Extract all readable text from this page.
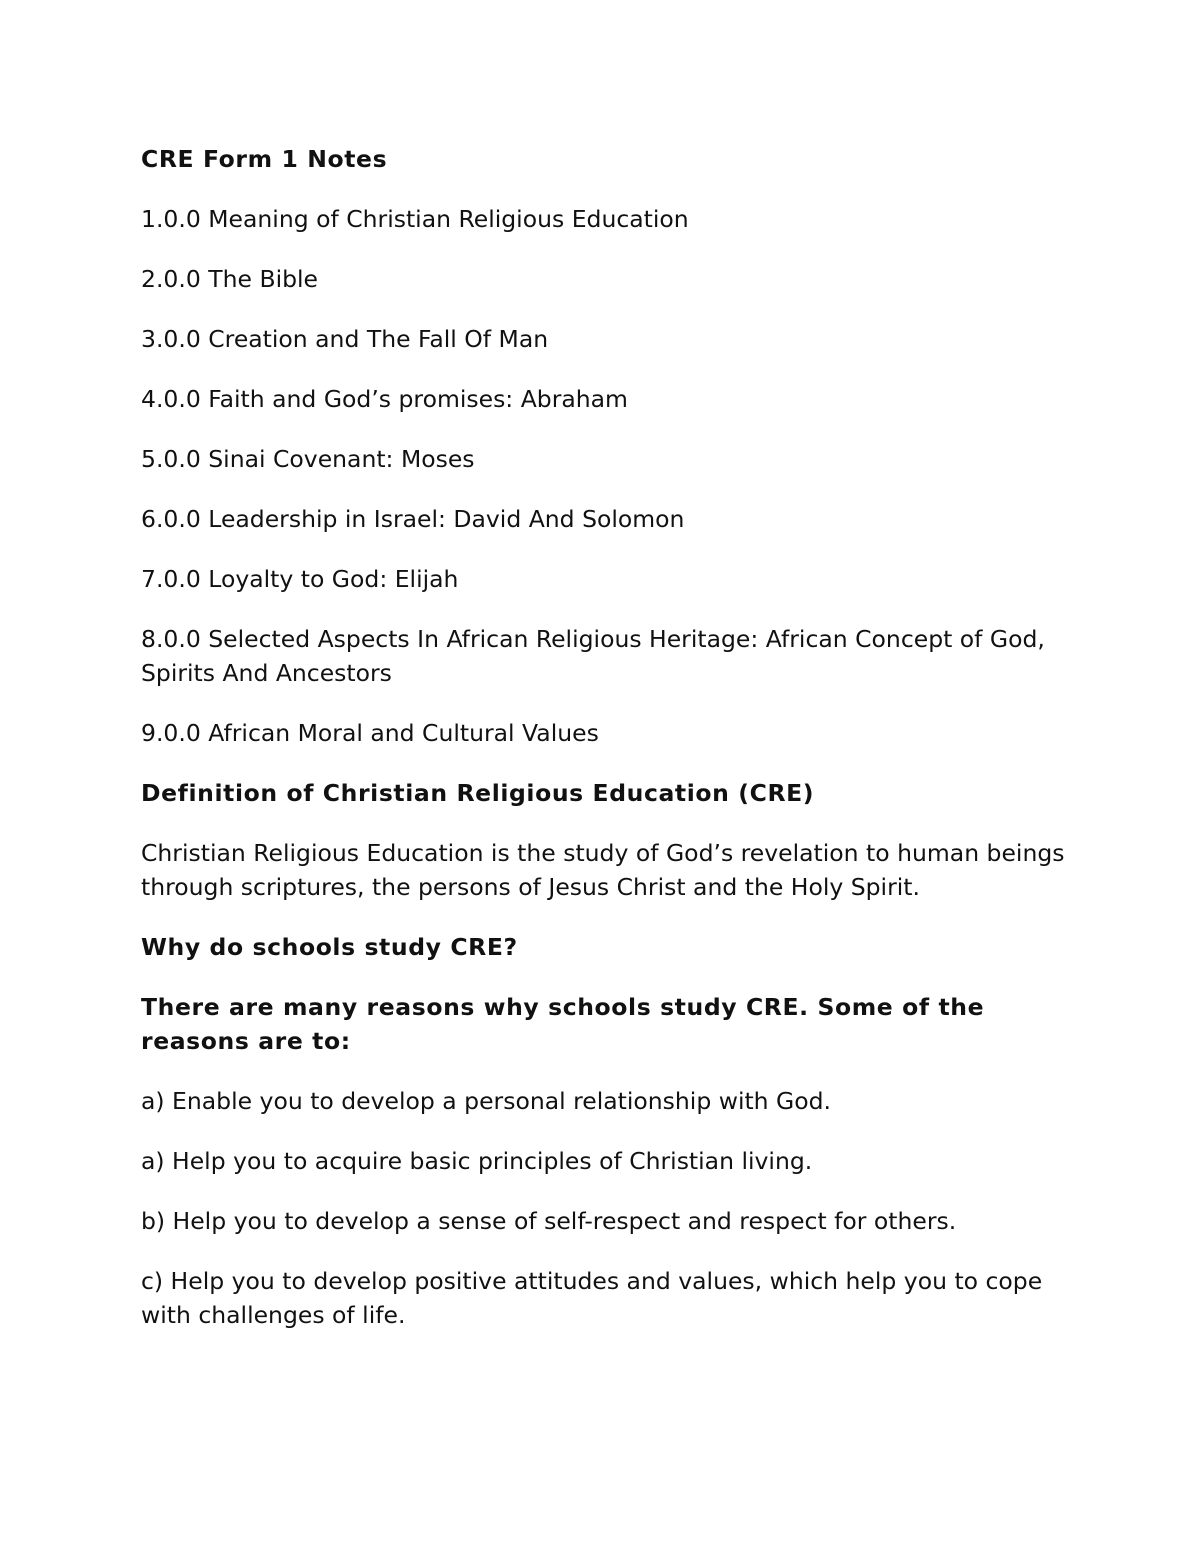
CRE Form 1 Notes

1.0.0 Meaning of Christian Religious Education

2.0.0 The Bible

3.0.0 Creation and The Fall Of Man

4.0.0 Faith and God’s promises: Abraham

5.0.0 Sinai Covenant: Moses

6.0.0 Leadership in Israel: David And Solomon

7.0.0 Loyalty to God: Elijah

8.0.0 Selected Aspects In African Religious Heritage: African Concept of God, Spirits And Ancestors

9.0.0 African Moral and Cultural Values

Definition of Christian Religious Education (CRE)

Christian Religious Education is the study of God’s revelation to human beings through scriptures, the persons of Jesus Christ and the Holy Spirit.

Why do schools study CRE?

There are many reasons why schools study CRE. Some of the reasons are to:

a) Enable you to develop a personal relationship with God.

a) Help you to acquire basic principles of Christian living.

b) Help you to develop a sense of self-respect and respect for others.

c) Help you to develop positive attitudes and values, which help you to cope with challenges of life.
